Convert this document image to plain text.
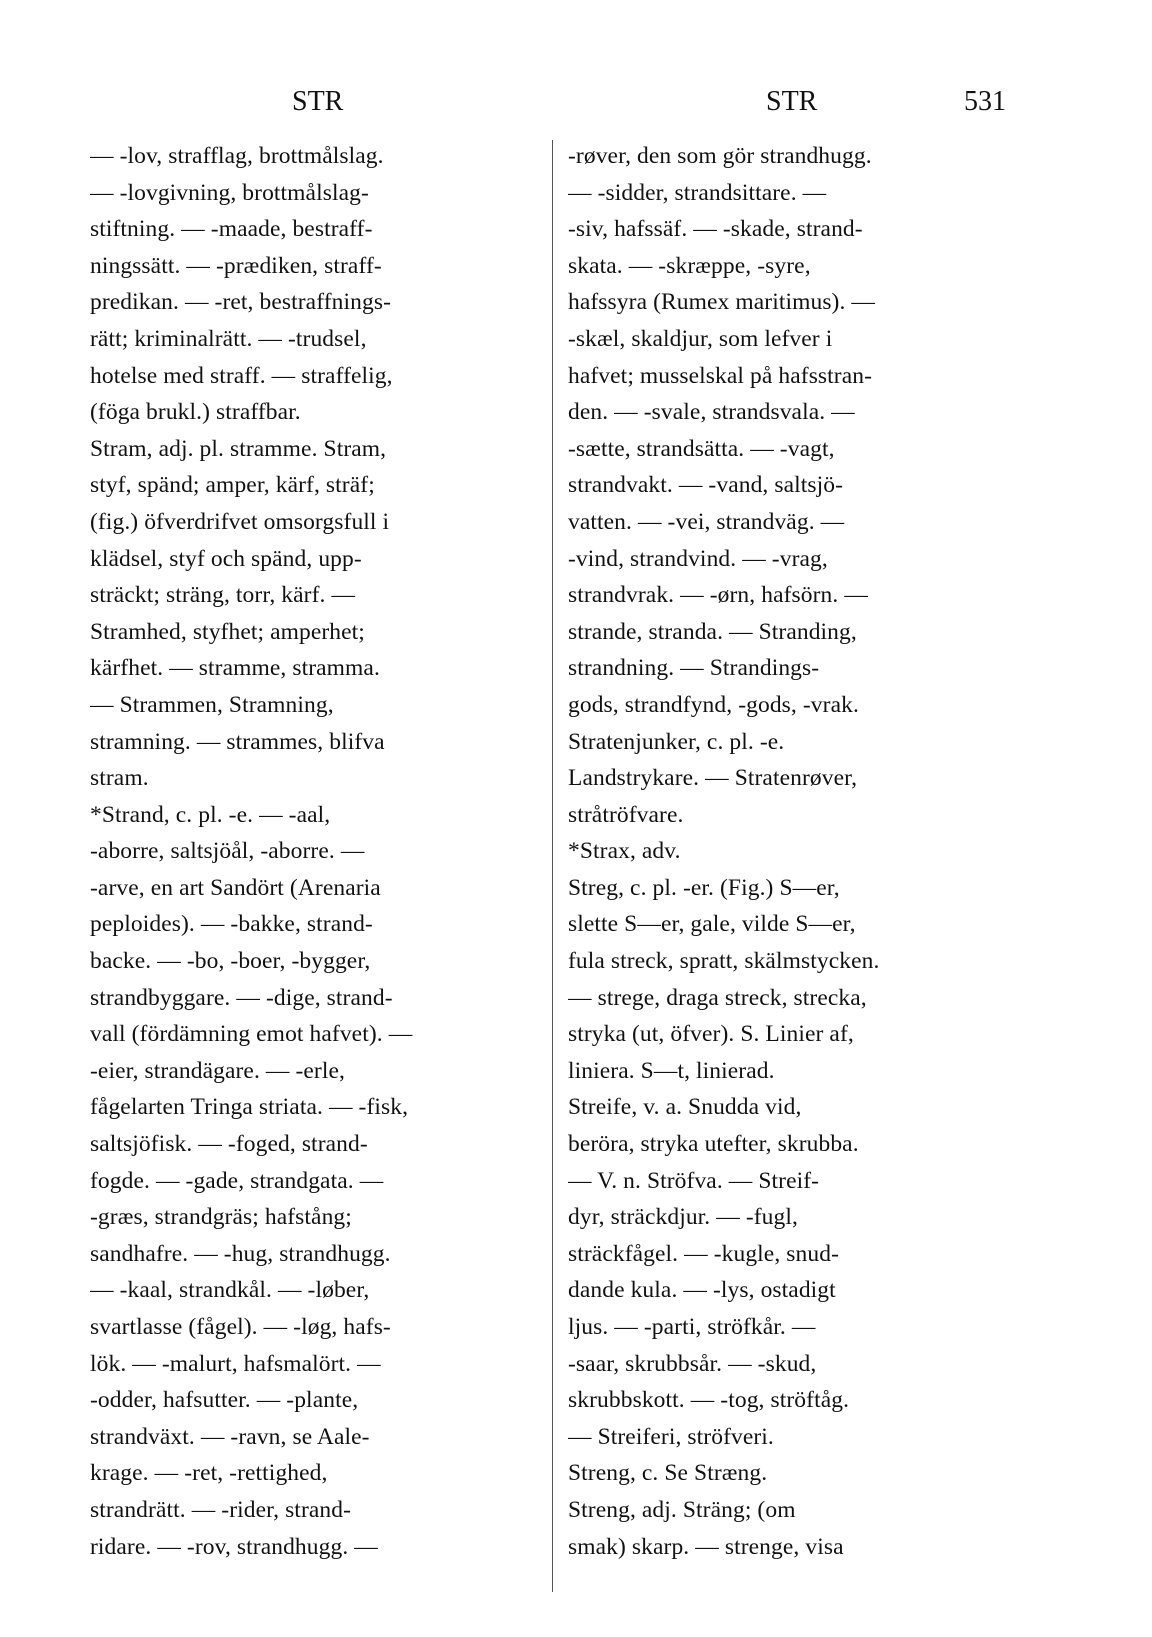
STR	STR	531
— -lov, strafflag, brottmålslag.
— -lovgivning, brottmålslag-
stiftning. — -maade, bestraff-
ningssätt. — -prædiken, straff-
predikan. — -ret, bestraffnings-
rätt; kriminalrätt. — -trudsel,
hotelse med straff. — straffelig,
(föga brukl.) straffbar.
Stram, adj. pl. stramme. Stram,
styf, spänd; amper, kärf, sträf;
(fig.) öfverdrifvet omsorgsfull i
klädsel, styf och spänd, upp-
sträckt; sträng, torr, kärf. —
Stramhed, styfhet; amperhet;
kärfhet. — stramme, stramma.
— Strammen, Stramning,
stramning. — strammes, blifva
stram.
*Strand, c. pl. -e. — -aal,
-aborre, saltsjöål, -aborre. —
-arve, en art Sandört (Arenaria
peploides). — -bakke, strand-
backe. — -bo, -boer, -bygger,
strandbyggare. — -dige, strand-
vall (fördämning emot hafvet). —
-eier, strandägare. — -erle,
fågelarten Tringa striata. — -fisk,
saltsjöfisk. — -foged, strand-
fogde. — -gade, strandgata. —
-græs, strandgräs; hafstång;
sandhafre. — -hug, strandhugg.
— -kaal, strandkål. — -løber,
svartlasse (fågel). — -løg, hafs-
lök. — -malurt, hafsmalört. —
-odder, hafsutter. — -plante,
strandväxt. — -ravn, se Aale-
krage. — -ret, -rettighed,
strandrätt. — -rider, strand-
ridare. — -rov, strandhugg. —
-røver, den som gör strandhugg.
— -sidder, strandsittare. —
-siv, hafssäf. — -skade, strand-
skata. — -skræppe, -syre,
hafssyra (Rumex maritimus). —
-skæl, skaldjur, som lefver i
hafvet; musselskal på hafsstran-
den. — -svale, strandsvala. —
-sætte, strandsätta. — -vagt,
strandvakt. — -vand, saltsjö-
vatten. — -vei, strandväg. —
-vind, strandvind. — -vrag,
strandvrak. — -ørn, hafsörn. —
strande, stranda. — Stranding,
strandning. — Strandings-
gods, strandfynd, -gods, -vrak.
Stratenjunker, c. pl. -e.
Landstrykare. — Stratenrøver,
stråtröfvare.
*Strax, adv.
Streg, c. pl. -er. (Fig.) S—er,
slette S—er, gale, vilde S—er,
fula streck, spratt, skälmstycken.
— strege, draga streck, strecka,
stryka (ut, öfver). S. Linier af,
liniera. S—t, linierad.
Streife, v. a. Snudda vid,
beröra, stryka utefter, skrubba.
— V. n. Ströfva. — Streif-
dyr, sträckdjur. — -fugl,
sträckfågel. — -kugle, snud-
dande kula. — -lys, ostadigt
ljus. — -parti, ströfkår. —
-saar, skrubbsår. — -skud,
skrubbskott. — -tog, ströftåg.
— Streiferi, ströfveri.
Streng, c. Se Stræng.
Streng, adj. Sträng; (om
smak) skarp. — strenge, visa
